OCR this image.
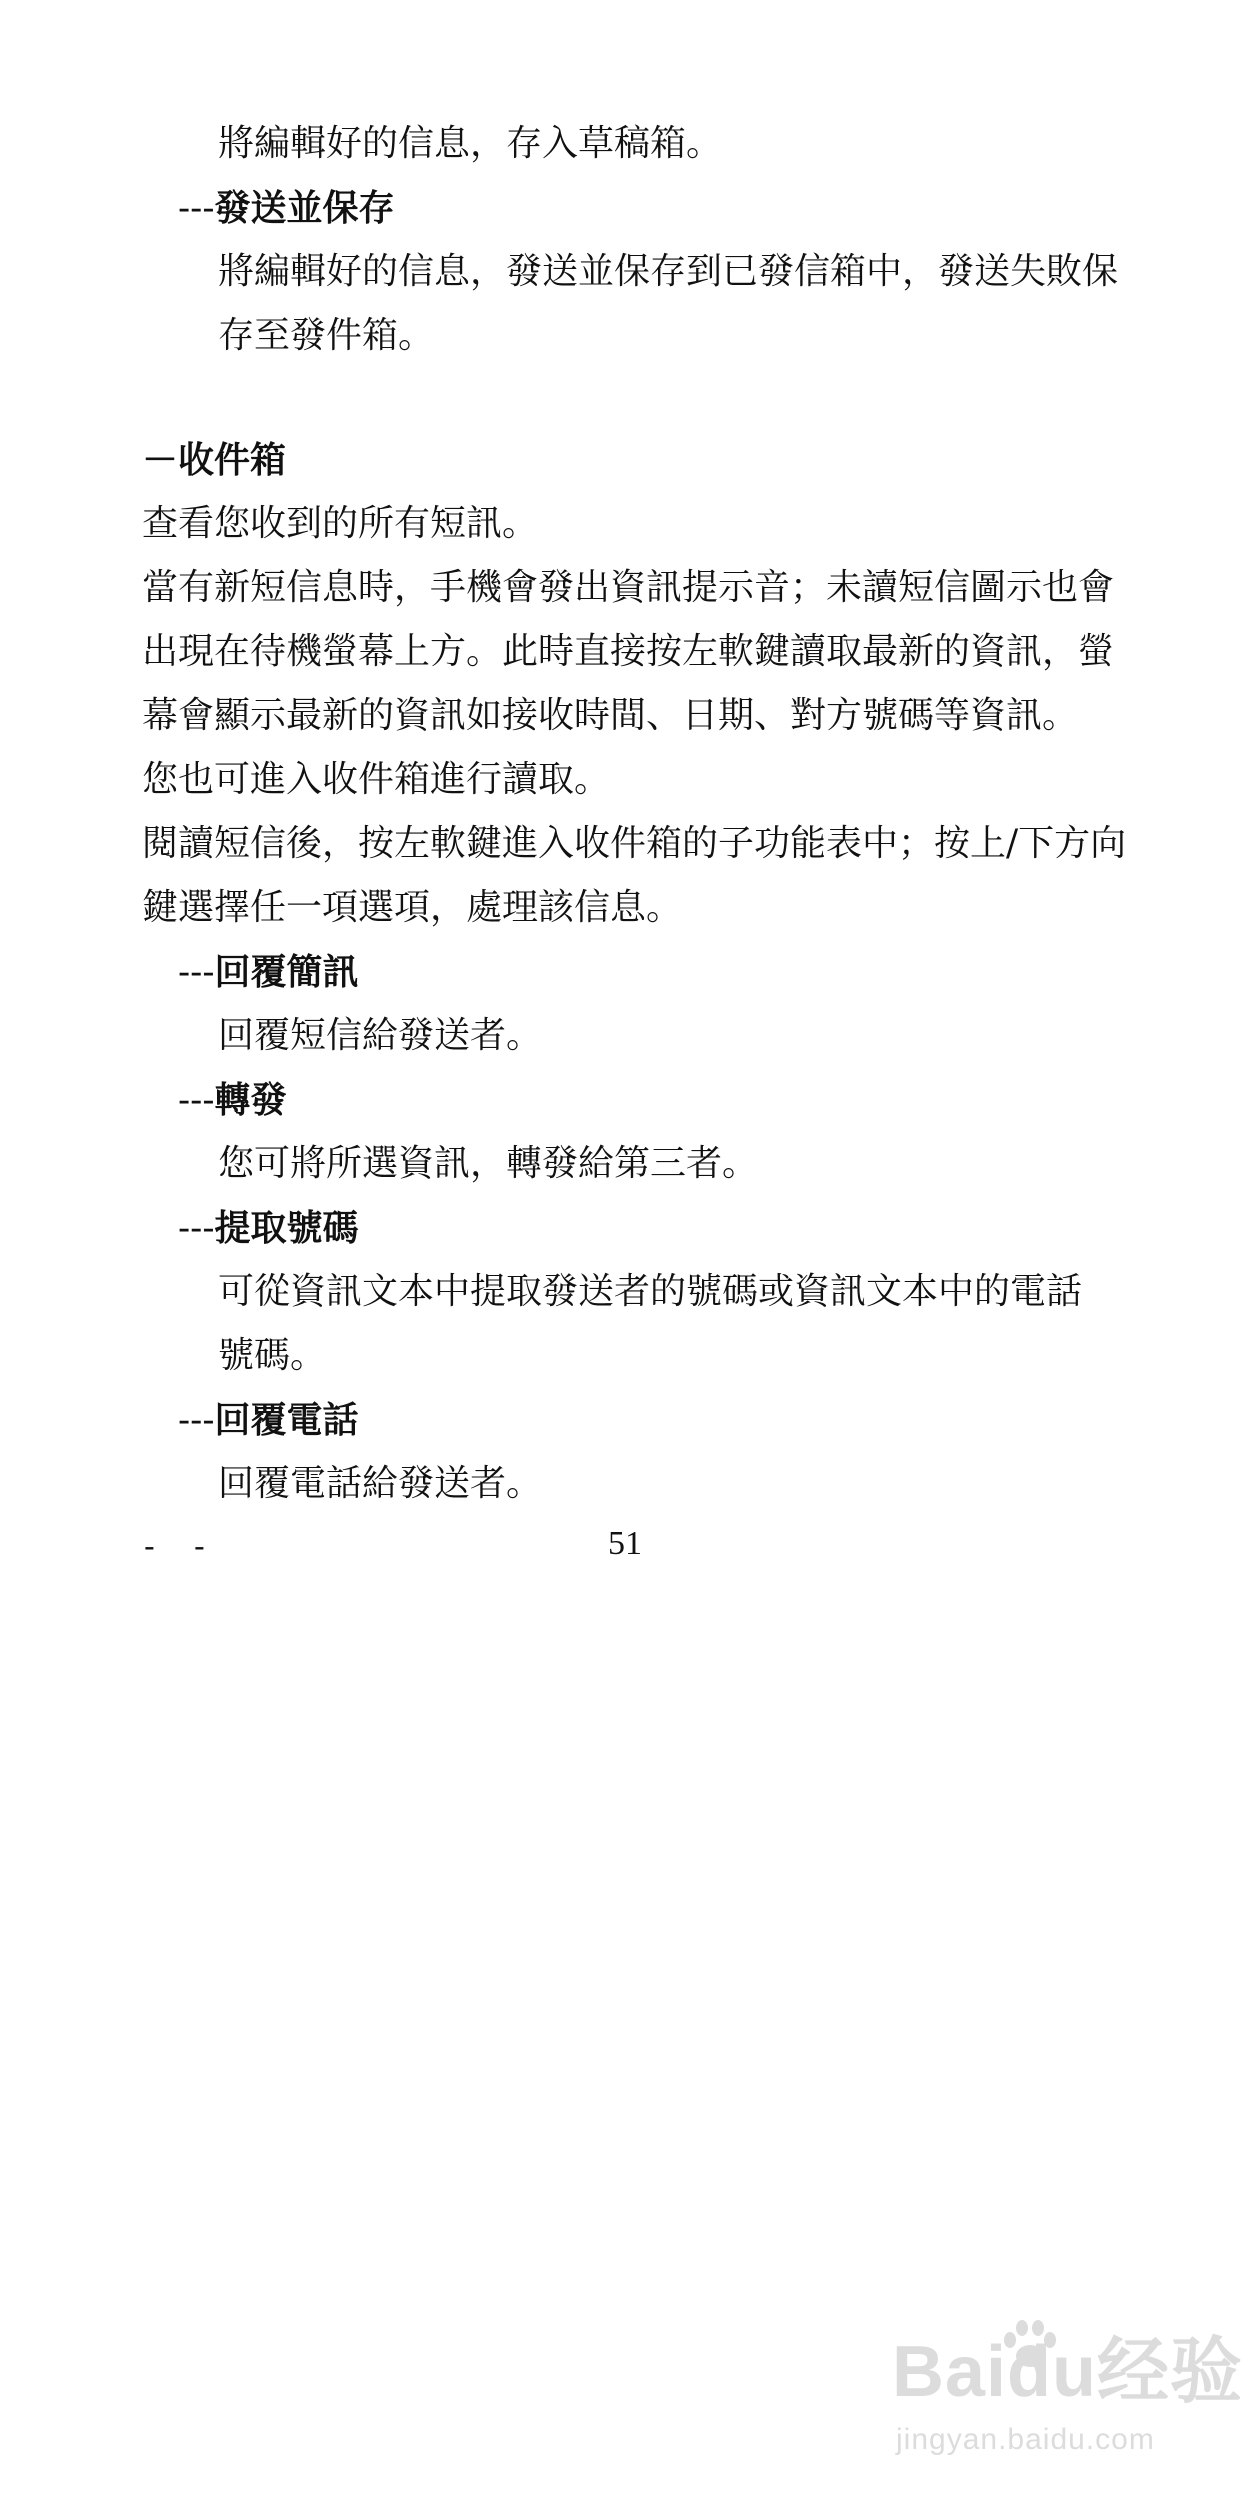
將編輯好的信息，存入草稿箱。
---發送並保存
將編輯好的信息，發送並保存到已發信箱中，發送失敗保
存至發件箱。
－收件箱
查看您收到的所有短訊。
當有新短信息時，手機會發出資訊提示音；未讀短信圖示也會
出現在待機螢幕上方。此時直接按左軟鍵讀取最新的資訊，螢
幕會顯示最新的資訊如接收時間、日期、對方號碼等資訊。
您也可進入收件箱進行讀取。
閱讀短信後，按左軟鍵進入收件箱的子功能表中；按上/下方向
鍵選擇任一項選項，處理該信息。
---回覆簡訊
回覆短信給發送者。
---轉發
您可將所選資訊，轉發給第三者。
---提取號碼
可從資訊文本中提取發送者的號碼或資訊文本中的電話
號碼。
---回覆電話
回覆電話給發送者。
- -	51
Baidu经验
jingyan.baidu.com
